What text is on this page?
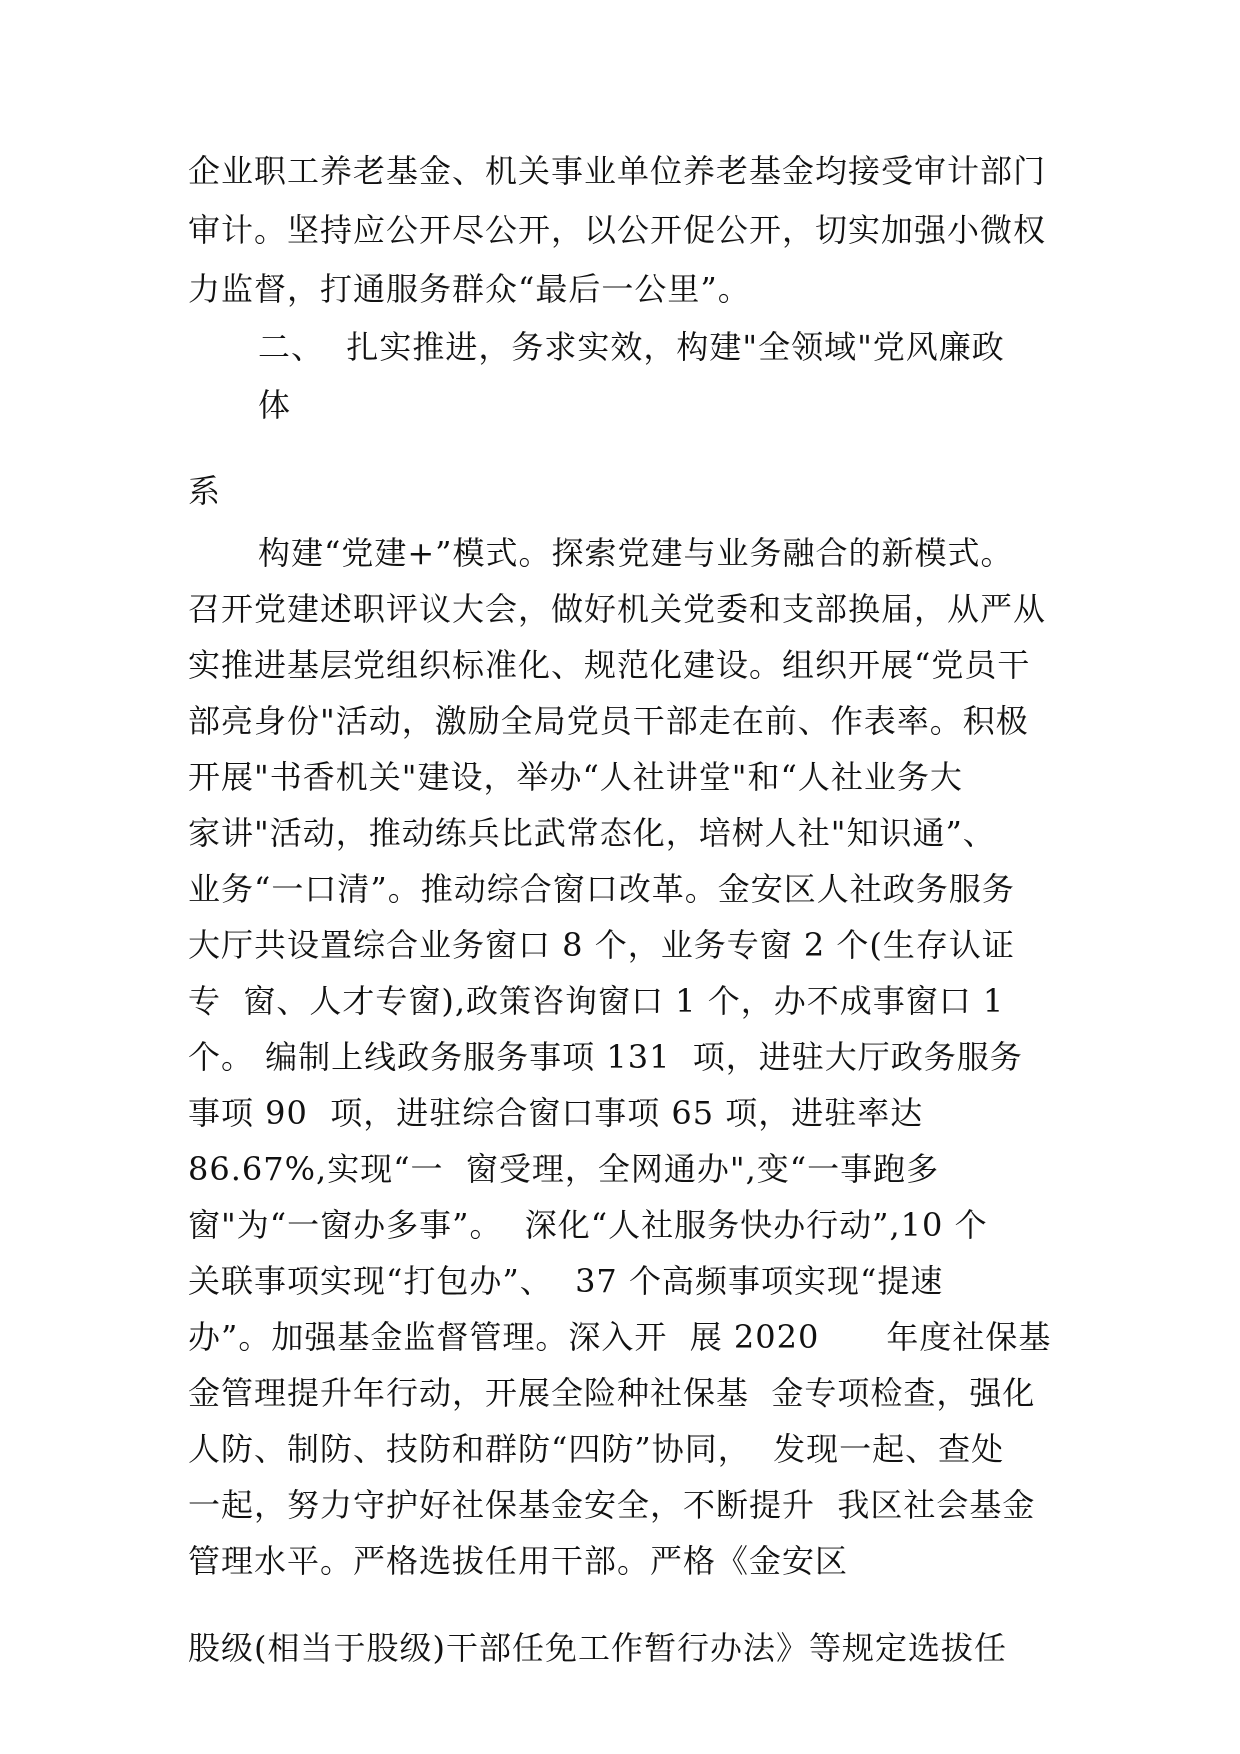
企业职工养老基金、机关事业单位养老基金均接受审计部门
审计。坚持应公开尽公开，以公开促公开，切实加强小微权
力监督，打通服务群众“最后一公里”。
二、  扎实推进，务求实效，构建"全领域"党风廉政
体
系
构建“党建+”模式。探索党建与业务融合的新模式。
召开党建述职评议大会，做好机关党委和支部换届，从严从
实推进基层党组织标准化、规范化建设。组织开展“党员干
部亮身份"活动，激励全局党员干部走在前、作表率。积极
开展"书香机关"建设，举办“人社讲堂"和“人社业务大
家讲"活动，推动练兵比武常态化，培树人社"知识通”、
业务“一口清”。推动综合窗口改革。金安区人社政务服务
大厅共设置综合业务窗口 8 个，业务专窗 2 个(生存认证
专  窗、人才专窗),政策咨询窗口 1 个，办不成事窗口 1
个。 编制上线政务服务事项 131  项，进驻大厅政务服务
事项 90  项，进驻综合窗口事项 65 项，进驻率达
86.67%,实现“一  窗受理，全网通办",变“一事跑多
窗"为“一窗办多事”。  深化“人社服务快办行动”,10 个
关联事项实现“打包办”、  37 个高频事项实现“提速
办”。加强基金监督管理。深入开  展 2020      年度社保基
金管理提升年行动，开展全险种社保基  金专项检查，强化
人防、制防、技防和群防“四防”协同，  发现一起、查处
一起，努力守护好社保基金安全，不断提升  我区社会基金
管理水平。严格选拔任用干部。严格《金安区
股级(相当于股级)干部任免工作暂行办法》等规定选拔任
